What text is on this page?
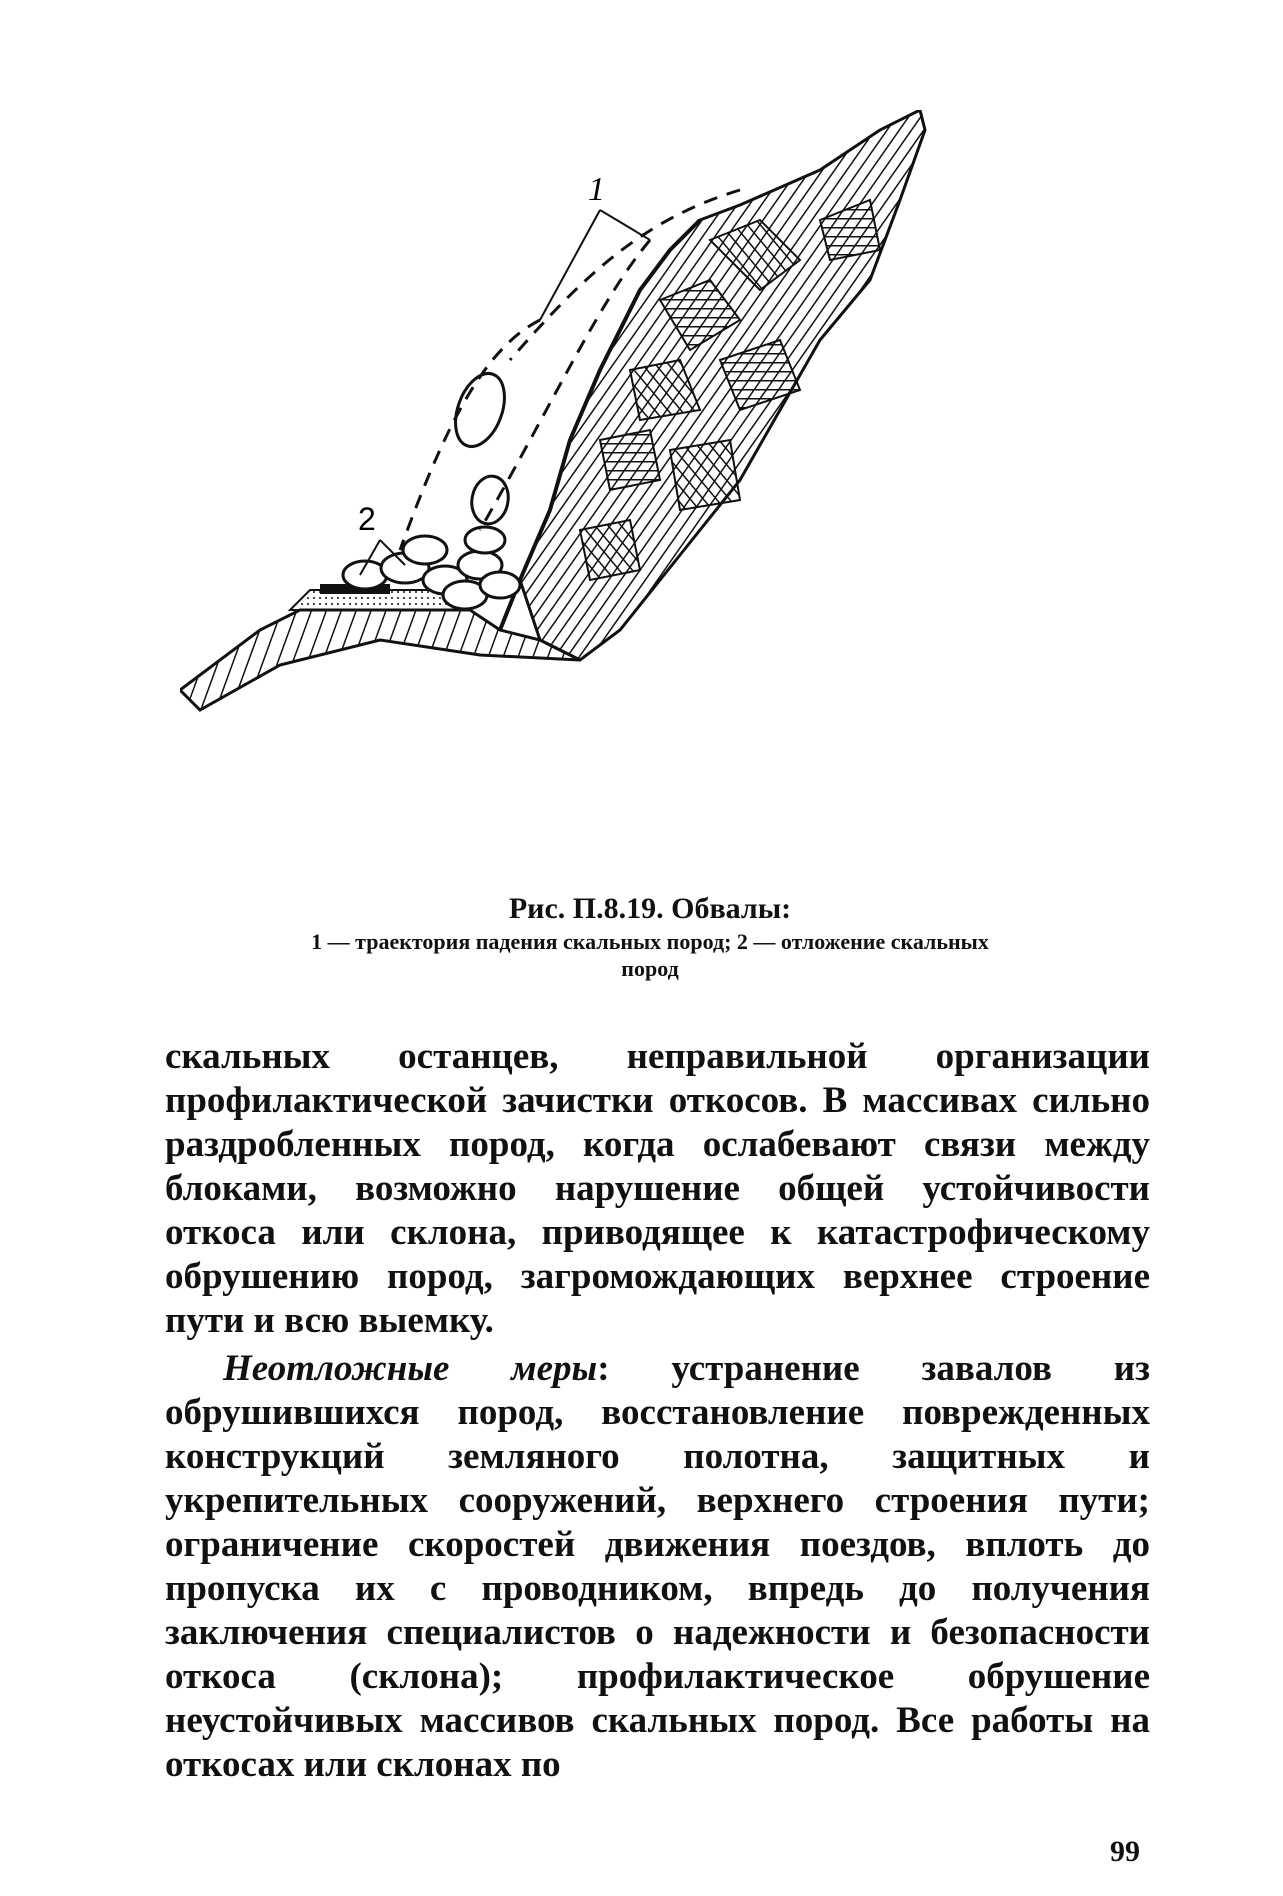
1
2
Рис. П.8.19. Обвалы:
1 — траектория падения скальных пород; 2 — отложение скальных
пород

скальных останцев, неправильной организации профилактической зачистки откосов. В массивах сильно раздробленных пород, когда ослабевают связи между блоками, возможно нарушение общей устойчивости откоса или склона, приводящее к катастрофическому обрушению пород, загромождающих верхнее строение пути и всю выемку.

Неотложные меры: устранение завалов из обрушившихся пород, восстановление поврежденных конструкций земляного полотна, защитных и укрепительных сооружений, верхнего строения пути; ограничение скоростей движения поездов, вплоть до пропуска их с проводником, впредь до получения заключения специалистов о надежности и безопасности откоса (склона); профилактическое обрушение неустойчивых массивов скальных пород. Все работы на откосах или склонах по

99
